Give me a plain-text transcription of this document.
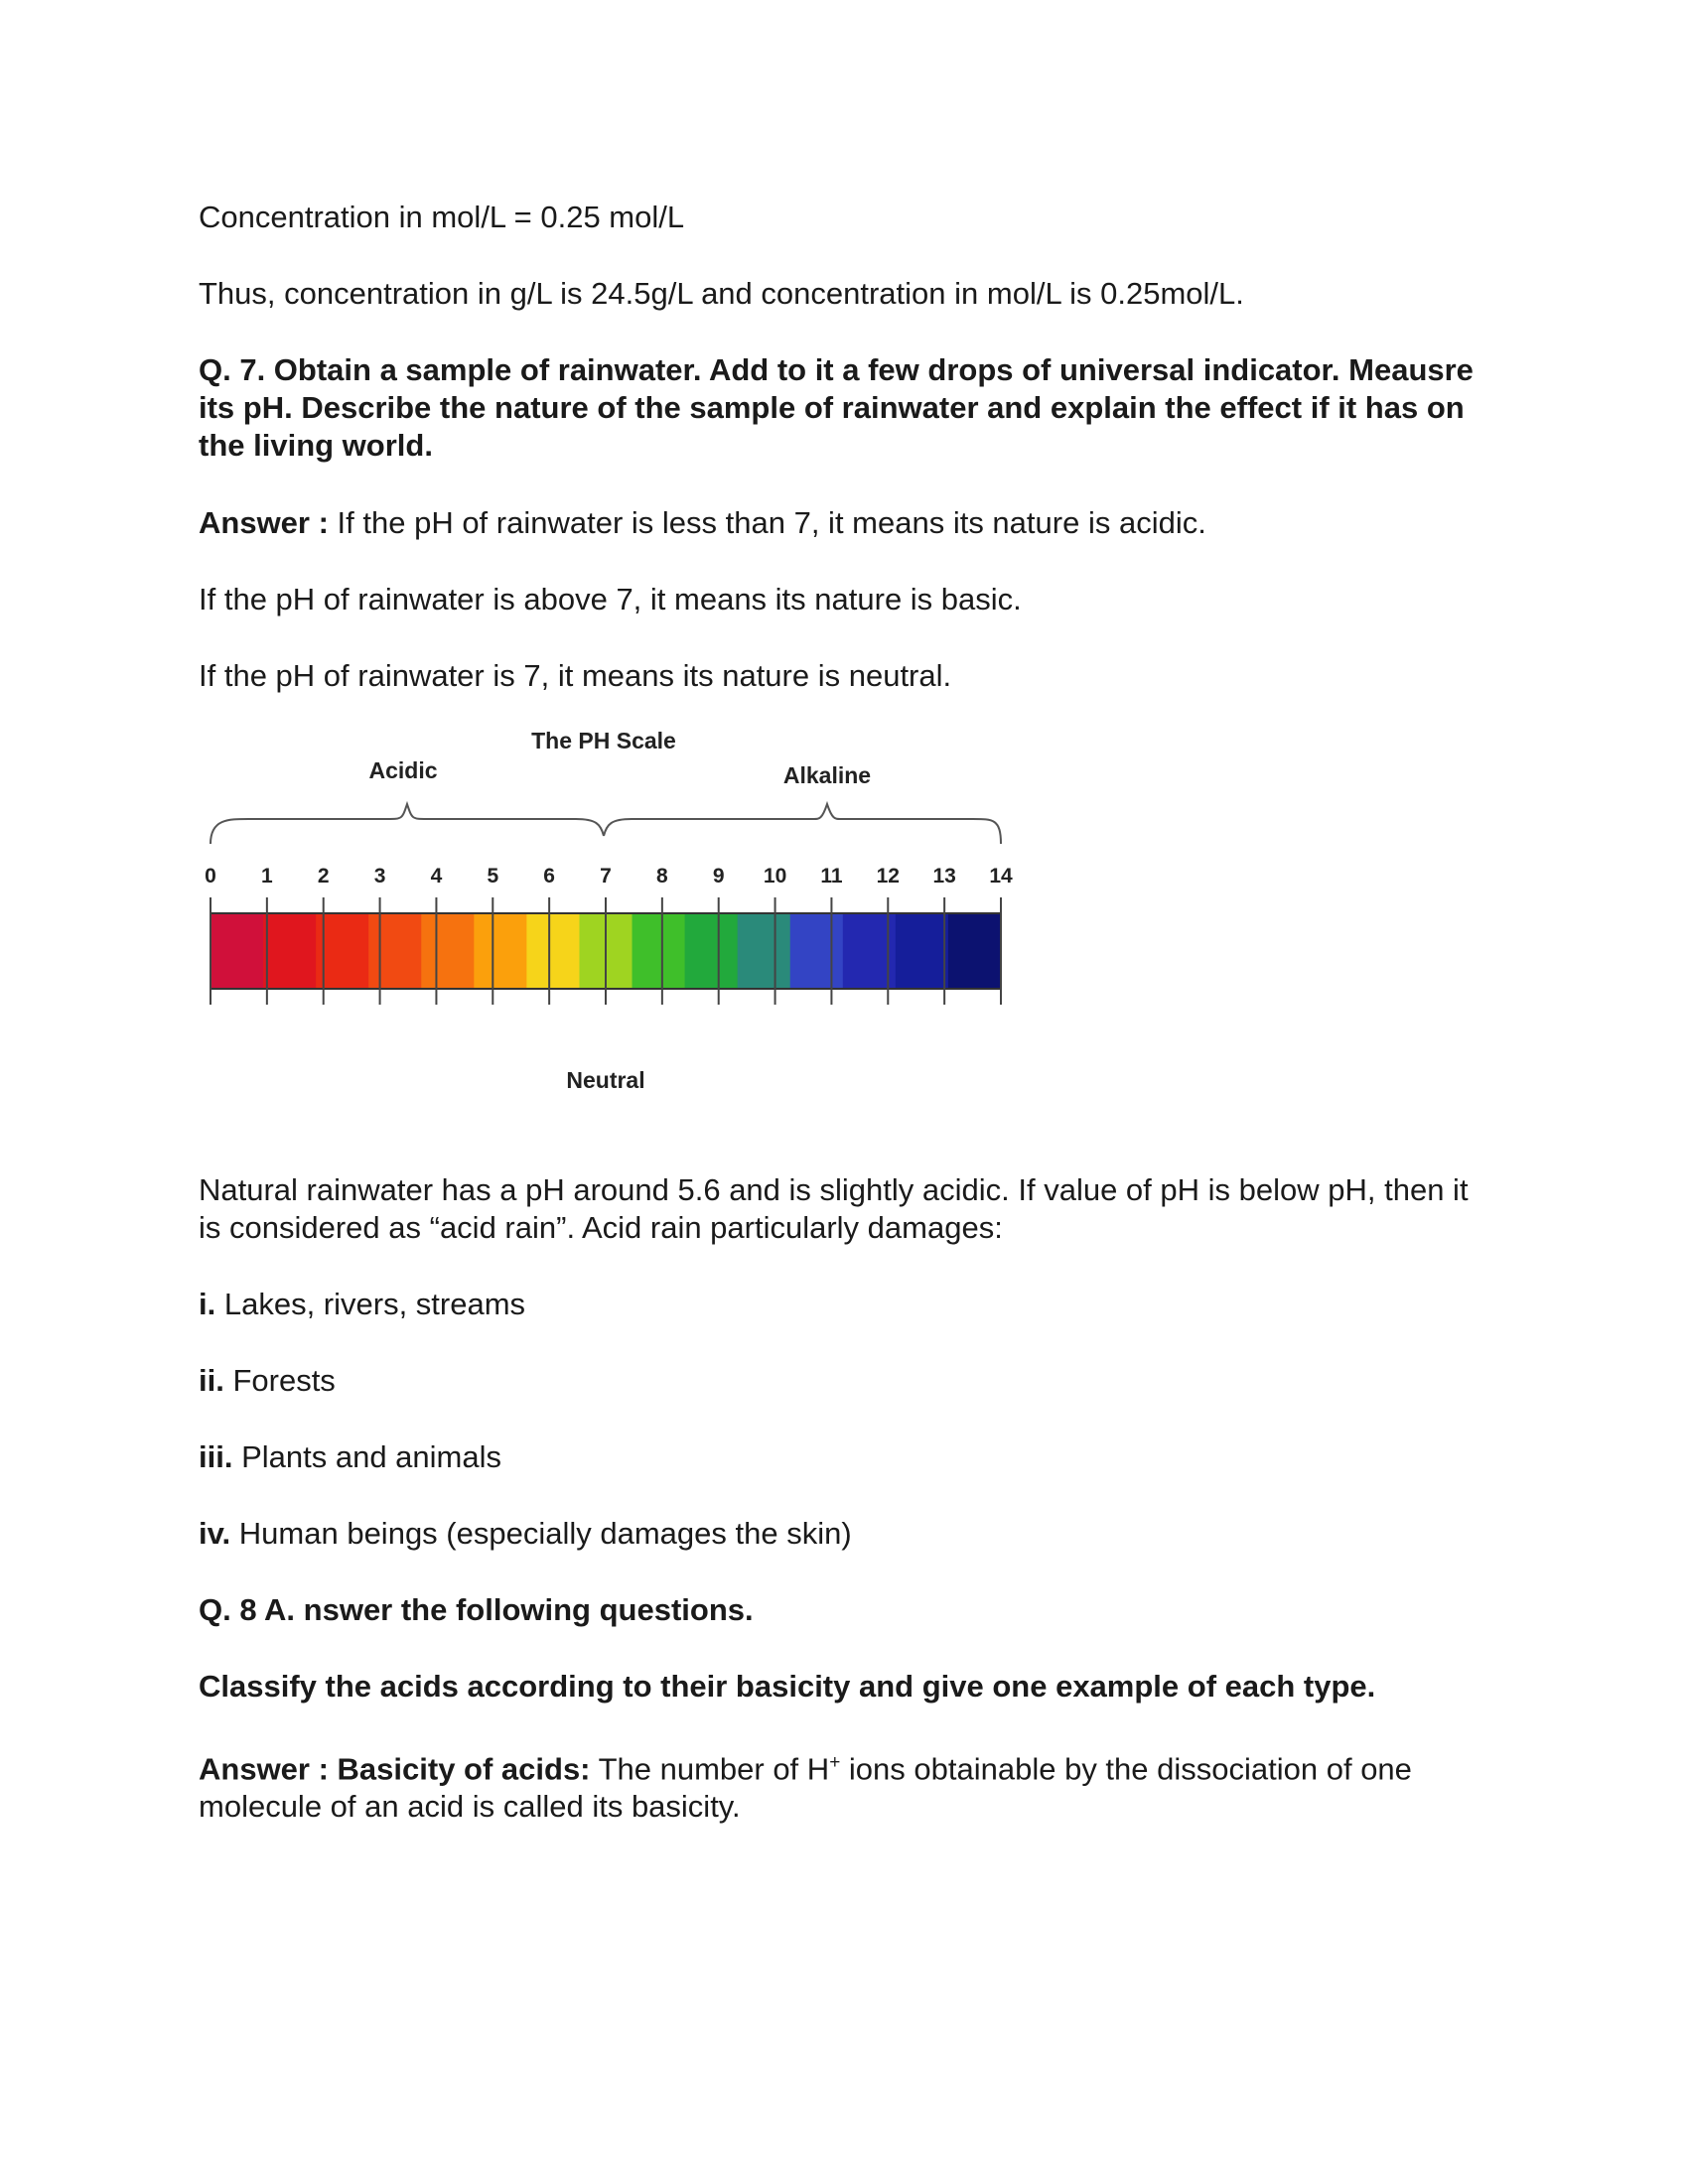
Concentration in mol/L = 0.25 mol/L

Thus, concentration in g/L is 24.5g/L and concentration in mol/L is 0.25mol/L.

Q. 7. Obtain a sample of rainwater. Add to it a few drops of universal indicator. Meausre its pH. Describe the nature of the sample of rainwater and explain the effect if it has on the living world.

Answer : If the pH of rainwater is less than 7, it means its nature is acidic.

If the pH of rainwater is above 7, it means its nature is basic.

If the pH of rainwater is 7, it means its nature is neutral.

The PH Scale
Acidic	Alkaline
0 1 2 3 4 5 6 7 8 9 10 11 12 13 14
Neutral

Natural rainwater has a pH around 5.6 and is slightly acidic. If value of pH is below pH, then it is considered as “acid rain”. Acid rain particularly damages:

i. Lakes, rivers, streams

ii. Forests

iii. Plants and animals

iv. Human beings (especially damages the skin)

Q. 8 A. nswer the following questions.

Classify the acids according to their basicity and give one example of each type.

Answer : Basicity of acids: The number of H+ ions obtainable by the dissociation of one molecule of an acid is called its basicity.
